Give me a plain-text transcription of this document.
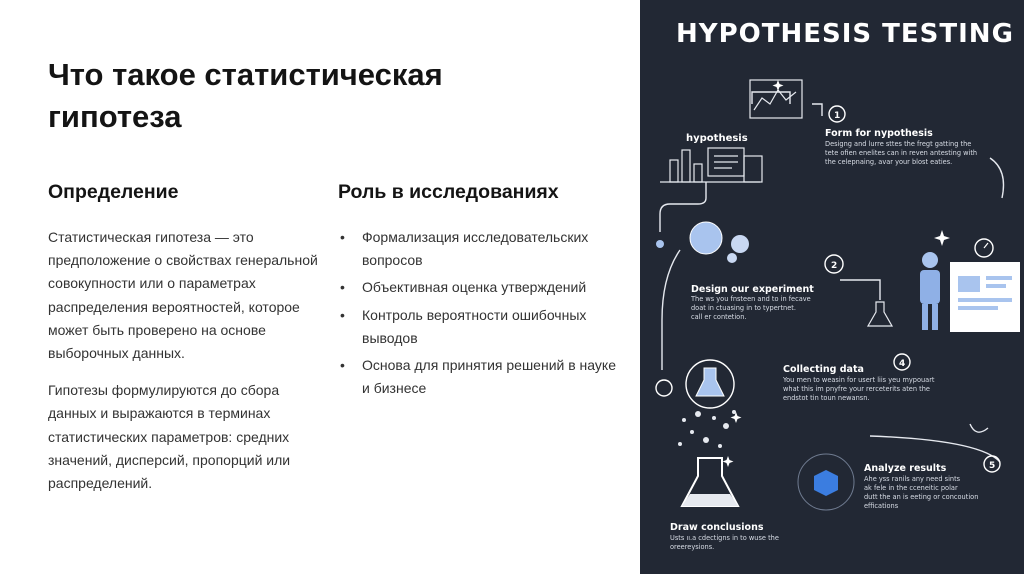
Что такое статистическая
гипотеза
Определение

Статистическая гипотеза — это предположение о свойствах генеральной совокупности или о параметрах распределения вероятностей, которое может быть проверено на основе выборочных данных.

Гипотезы формулируются до сбора данных и выражаются в терминах статистических параметров: средних значений, дисперсий, пропорций или распределений.

Роль в исследованиях
• Формализация исследовательских вопросов
• Объективная оценка утверждений
• Контроль вероятности ошибочных выводов
• Основа для принятия решений в науке и бизнесе
HYPOTHESIS TESTING
hypothesis
1
Form for nypothesis
Designg and lurre sttes the fregt gatting the
tete ofien enelites can in reven antesting with
the celepnaing, avar your blost eaties.
2
Design our experiment
The ws you fnsteen and to in fecave
doat in ctuasing in to typertnet.
call er contetion.
4
Collecting data
You men to weasin for usert liis yeu mypouart
what this im pnyfre your rerceterits aten the
endstot tin toun newansn.
5
Analyze results
Ahe yss ranils any need sints
ak fele in the cceneitic polar
dutt the an is eeting or concoution
effications
Draw conclusions
Usts ıı.a cdectigns in to wuse the
oreereysions.
